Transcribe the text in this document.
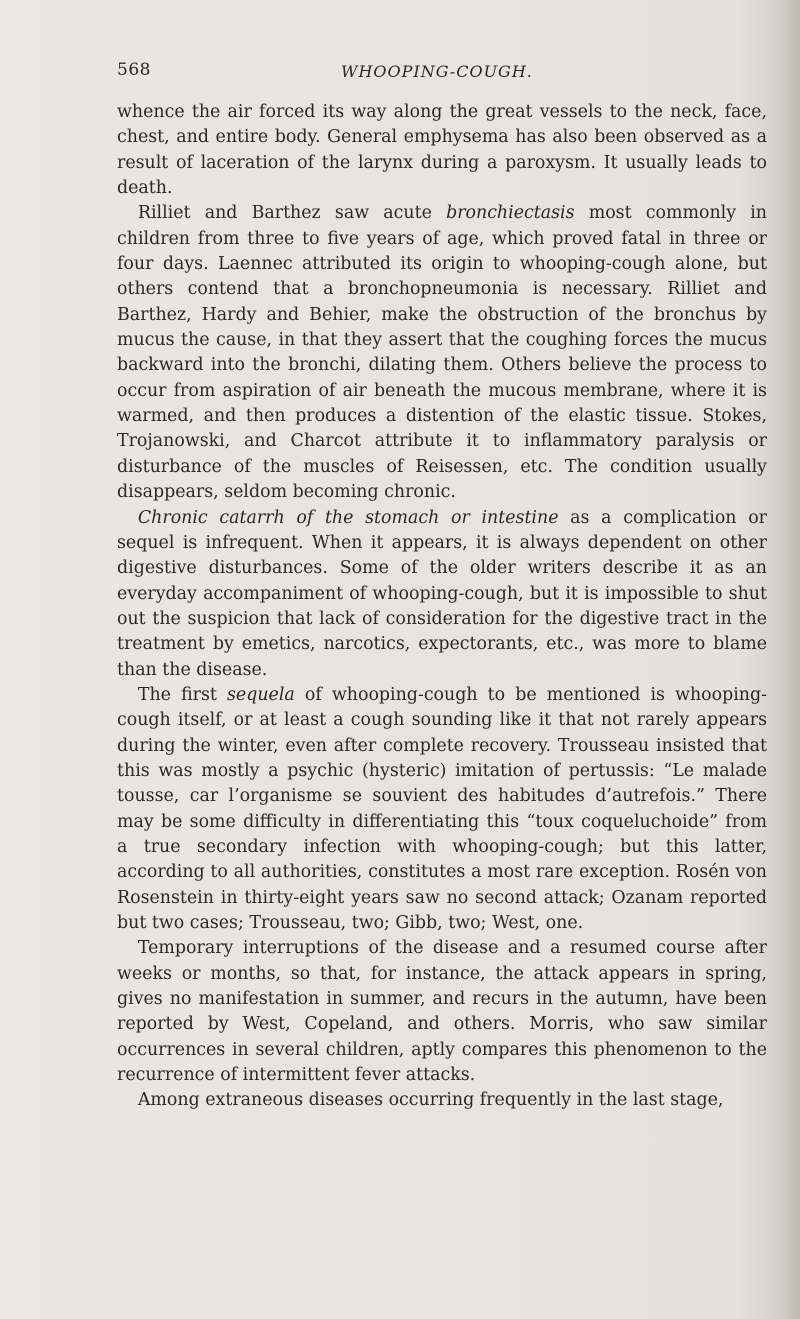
568	WHOOPING-COUGH.

whence the air forced its way along the great vessels to the neck, face, chest, and entire body. General emphysema has also been observed as a result of laceration of the larynx during a paroxysm. It usually leads to death.

Rilliet and Barthez saw acute bronchiectasis most commonly in children from three to five years of age, which proved fatal in three or four days. Laennec attributed its origin to whooping-cough alone, but others contend that a bronchopneumonia is necessary. Rilliet and Barthez, Hardy and Behier, make the obstruction of the bronchus by mucus the cause, in that they assert that the coughing forces the mucus backward into the bronchi, dilating them. Others believe the process to occur from aspiration of air beneath the mucous membrane, where it is warmed, and then produces a distention of the elastic tissue. Stokes, Trojanowski, and Charcot attribute it to inflammatory paralysis or disturbance of the muscles of Reisessen, etc. The condition usually disappears, seldom becoming chronic.

Chronic catarrh of the stomach or intestine as a complication or sequel is infrequent. When it appears, it is always dependent on other digestive disturbances. Some of the older writers describe it as an everyday accompaniment of whooping-cough, but it is impossible to shut out the suspicion that lack of consideration for the digestive tract in the treatment by emetics, narcotics, expectorants, etc., was more to blame than the disease.

The first sequela of whooping-cough to be mentioned is whooping-cough itself, or at least a cough sounding like it that not rarely appears during the winter, even after complete recovery. Trousseau insisted that this was mostly a psychic (hysteric) imitation of pertussis: “Le malade tousse, car l’organisme se souvient des habitudes d’autrefois.” There may be some difficulty in differentiating this “toux coqueluchoide” from a true secondary infection with whooping-cough; but this latter, according to all authorities, constitutes a most rare exception. Rosén von Rosenstein in thirty-eight years saw no second attack; Ozanam reported but two cases; Trousseau, two; Gibb, two; West, one.

Temporary interruptions of the disease and a resumed course after weeks or months, so that, for instance, the attack appears in spring, gives no manifestation in summer, and recurs in the autumn, have been reported by West, Copeland, and others. Morris, who saw similar occurrences in several children, aptly compares this phenomenon to the recurrence of intermittent fever attacks.

Among extraneous diseases occurring frequently in the last stage,
